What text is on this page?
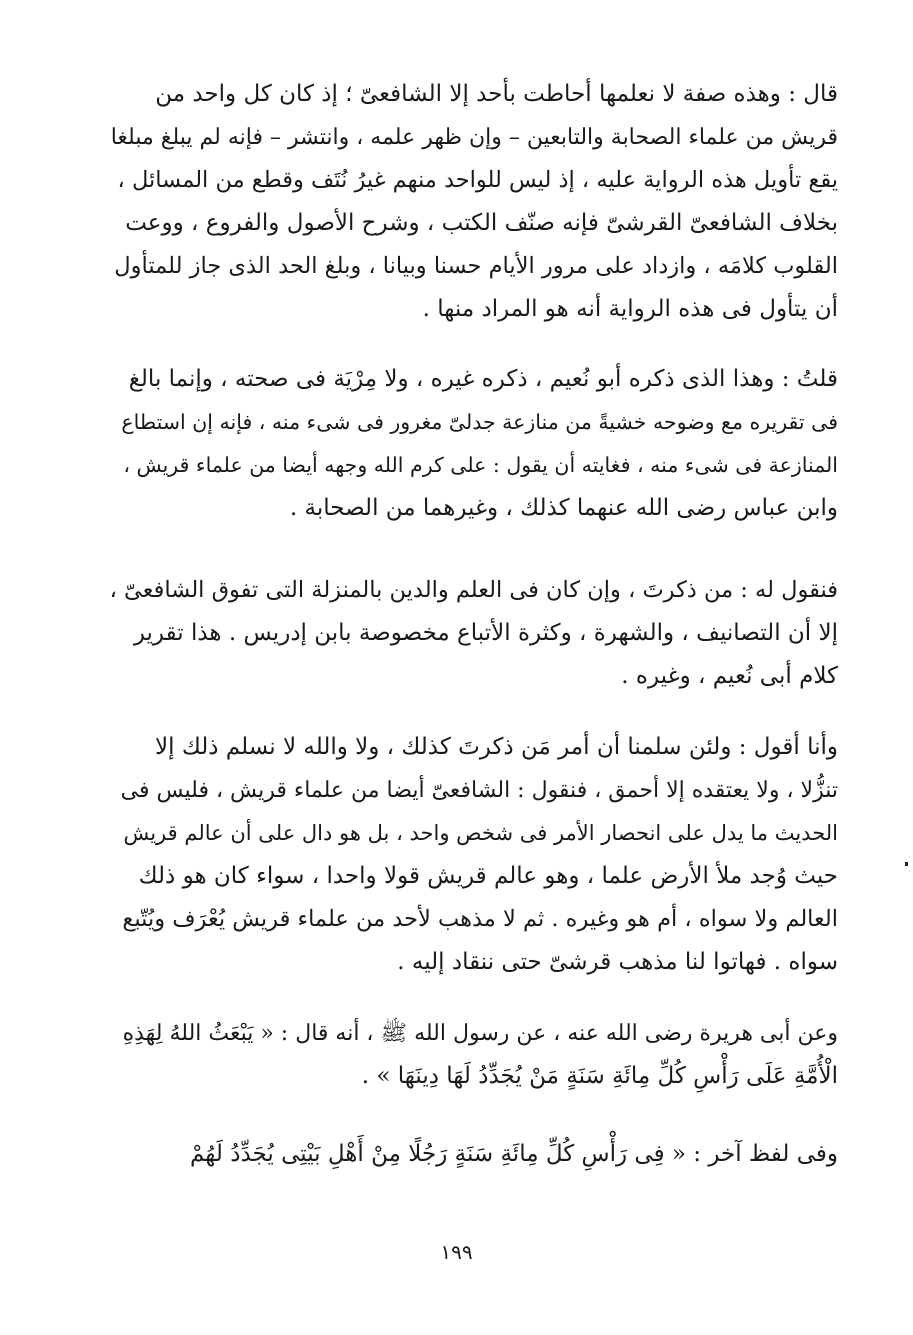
قال : وهذه صفة لا نعلمها أحاطت بأحد إلا الشافعىّ ؛ إذ كان كل واحد من
قريش من علماء الصحابة والتابعين – وإن ظهر علمه ، وانتشر – فإنه لم يبلغ مبلغا
يقع تأويل هذه الرواية عليه ، إذ ليس للواحد منهم غيرُ نُتَف وقطع من المسائل ،
بخلاف الشافعىّ القرشىّ فإنه صنّف الكتب ، وشرح الأصول والفروع ، ووعت
القلوب كلامَه ، وازداد على مرور الأيام حسنا وبيانا ، وبلغ الحد الذى جاز للمتأول
أن يتأول فى هذه الرواية أنه هو المراد منها .
قلتُ : وهذا الذى ذكره أبو نُعيم ، ذكره غيره ، ولا مِرْيَة فى صحته ، وإنما بالغ
فى تقريره مع وضوحه خشيةً من منازعة جدلىّ مغرور فى شىء منه ، فإنه إن استطاع
المنازعة فى شىء منه ، فغايته أن يقول : على كرم الله وجهه أيضا من علماء قريش ،
وابن عباس رضى الله عنهما كذلك ، وغيرهما من الصحابة .
فنقول له : من ذكرتَ ، وإن كان فى العلم والدين بالمنزلة التى تفوق الشافعىّ ،
إلا أن التصانيف ، والشهرة ، وكثرة الأتباع مخصوصة بابن إدريس . هذا تقرير
كلام أبى نُعيم ، وغيره .
وأنا أقول : ولئن سلمنا أن أمر مَن ذكرتَ كذلك ، ولا والله لا نسلم ذلك إلا
تنزُّلا ، ولا يعتقده إلا أحمق ، فنقول : الشافعىّ أيضا من علماء قريش ، فليس فى
الحديث ما يدل على انحصار الأمر فى شخص واحد ، بل هو دال على أن عالم قريش
حيث وُجد ملأ الأرض علما ، وهو عالم قريش قولا واحدا ، سواء كان هو ذلك
العالم ولا سواه ، أم هو وغيره . ثم لا مذهب لأحد من علماء قريش يُعْرَف ويُتّبع
سواه . فهاتوا لنا مذهب قرشىّ حتى ننقاد إليه .
وعن أبى هريرة رضى الله عنه ، عن رسول الله ﷺ ، أنه قال : « يَبْعَثُ اللهُ لِهَذِهِ
الْأُمَّةِ عَلَى رَأْسِ كُلِّ مِائَةِ سَنَةٍ مَنْ يُجَدِّدُ لَهَا دِينَهَا » .
وفى لفظ آخر : « فِى رَأْسِ كُلِّ مِائَةِ سَنَةٍ رَجُلًا مِنْ أَهْلِ بَيْتِى يُجَدِّدُ لَهُمْ
١٩٩
